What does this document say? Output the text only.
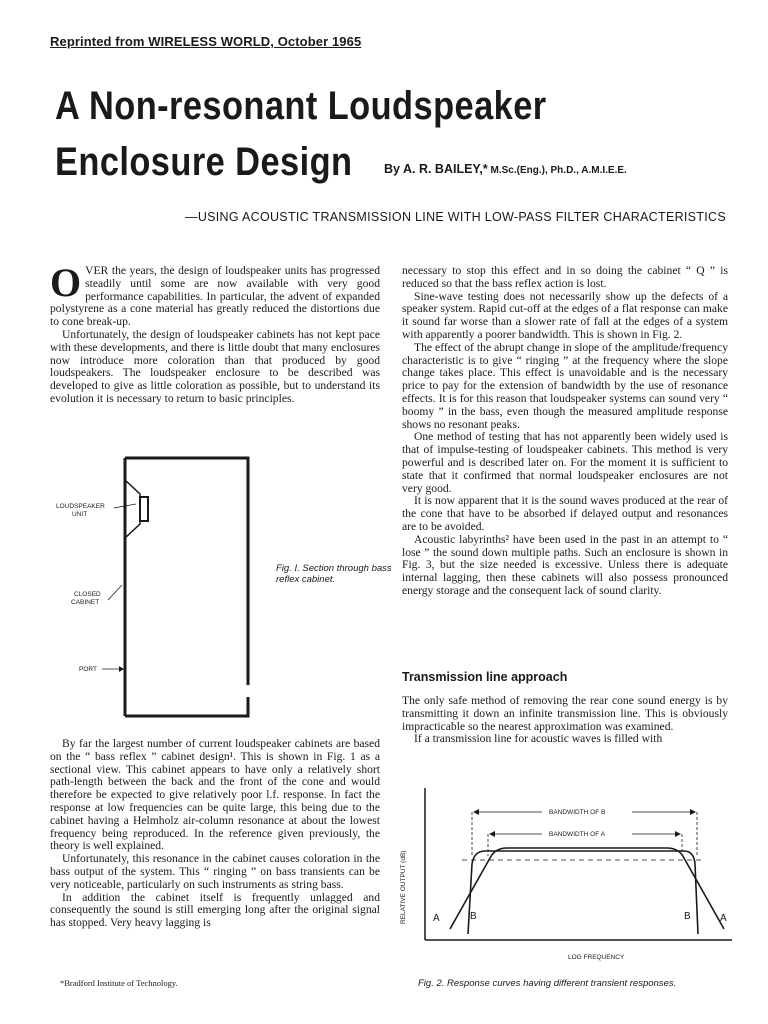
Reprinted from WIRELESS WORLD, October 1965
A Non-resonant Loudspeaker
Enclosure Design	By A. R. BAILEY,* M.Sc.(Eng.), Ph.D., A.M.I.E.E.
—USING ACOUSTIC TRANSMISSION LINE WITH LOW-PASS FILTER CHARACTERISTICS

OVER the years, the design of loudspeaker units has progressed steadily until some are now available with very good performance capabilities. In particular, the advent of expanded polystyrene as a cone material has greatly reduced the distortions due to cone break-up.

Unfortunately, the design of loudspeaker cabinets has not kept pace with these developments, and there is little doubt that many enclosures now introduce more coloration than that produced by good loudspeakers. The loudspeaker enclosure to be described was developed to give as little coloration as possible, but to understand its evolution it is necessary to return to basic principles.

LOUDSPEAKER
UNIT
CLOSED
CABINET
PORT
Fig. I. Section through bass reflex cabinet.

By far the largest number of current loudspeaker cabinets are based on the “ bass reflex ” cabinet design¹. This is shown in Fig. 1 as a sectional view. This cabinet appears to have only a relatively short path-length between the back and the front of the cone and would therefore be expected to give relatively poor l.f. response. In fact the response at low frequencies can be quite large, this being due to the cabinet having a Helmholz air-column resonance at about the lowest frequency being reproduced. In the reference given previously, the theory is well explained.

Unfortunately, this resonance in the cabinet causes coloration in the bass output of the system. This “ ringing ” on bass transients can be very noticeable, particularly on such instruments as string bass.

In addition the cabinet itself is frequently unlagged and consequently the sound is still emerging long after the original signal has stopped. Very heavy lagging is

necessary to stop this effect and in so doing the cabinet “ Q ” is reduced so that the bass reflex action is lost.

Sine-wave testing does not necessarily show up the defects of a speaker system. Rapid cut-off at the edges of a flat response can make it sound far worse than a slower rate of fall at the edges of a system with apparently a poorer bandwidth. This is shown in Fig. 2.

The effect of the abrupt change in slope of the amplitude/frequency characteristic is to give “ ringing ” at the frequency where the slope change takes place. This effect is unavoidable and is the necessary price to pay for the extension of bandwidth by the use of resonance effects. It is for this reason that loudspeaker systems can sound very “ boomy ” in the bass, even though the measured amplitude response shows no resonant peaks.

One method of testing that has not apparently been widely used is that of impulse-testing of loudspeaker cabinets. This method is very powerful and is described later on. For the moment it is sufficient to state that it confirmed that normal loudspeaker enclosures are not very good.

It is now apparent that it is the sound waves produced at the rear of the cone that have to be absorbed if delayed output and resonances are to be avoided.

Acoustic labyrinths² have been used in the past in an attempt to “ lose ” the sound down multiple paths. Such an enclosure is shown in Fig. 3, but the size needed is excessive. Unless there is adequate internal lagging, then these cabinets will also possess pronounced energy storage and the consequent lack of sound clarity.

Transmission line approach

The only safe method of removing the rear cone sound energy is by transmitting it down an infinite transmission line. This is obviously impracticable so the nearest approximation was examined.

If a transmission line for acoustic waves is filled with

RELATIVE OUTPUT (dB)
LOG FREQUENCY
BANDWIDTH OF B
BANDWIDTH OF A
A	B	B	A
Fig. 2. Response curves having different transient responses.
*Bradford Institute of Technology.
